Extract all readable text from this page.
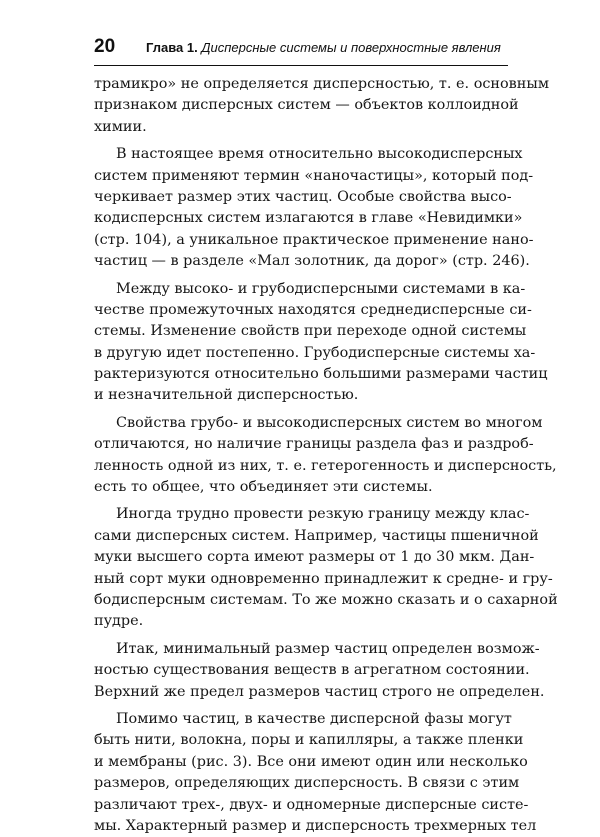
20 Глава 1. Дисперсные системы и поверхностные явления
трамикро» не определяется дисперсностью, т. е. основным
признаком дисперсных систем — объектов коллоидной
химии.
В настоящее время относительно высокодисперсных
систем применяют термин «наночастицы», который под-
черкивает размер этих частиц. Особые свойства высо-
кодисперсных систем излагаются в главе «Невидимки»
(стр. 104), а уникальное практическое применение нано-
частиц — в разделе «Мал золотник, да дорог» (стр. 246).
Между высоко- и грубодисперсными системами в ка-
честве промежуточных находятся среднедисперсные си-
стемы. Изменение свойств при переходе одной системы
в другую идет постепенно. Грубодисперсные системы ха-
рактеризуются относительно большими размерами частиц
и незначительной дисперсностью.
Свойства грубо- и высокодисперсных систем во многом
отличаются, но наличие границы раздела фаз и раздроб-
ленность одной из них, т. е. гетерогенность и дисперсность,
есть то общее, что объединяет эти системы.
Иногда трудно провести резкую границу между клас-
сами дисперсных систем. Например, частицы пшеничной
муки высшего сорта имеют размеры от 1 до 30 мкм. Дан-
ный сорт муки одновременно принадлежит к средне- и гру-
бодисперсным системам. То же можно сказать и о сахарной
пудре.
Итак, минимальный размер частиц определен возмож-
ностью существования веществ в агрегатном состоянии.
Верхний же предел размеров частиц строго не определен.
Помимо частиц, в качестве дисперсной фазы могут
быть нити, волокна, поры и капилляры, а также пленки
и мембраны (рис. 3). Все они имеют один или несколько
размеров, определяющих дисперсность. В связи с этим
различают трех-, двух- и одномерные дисперсные систе-
мы. Характерный размер и дисперсность трехмерных тел
